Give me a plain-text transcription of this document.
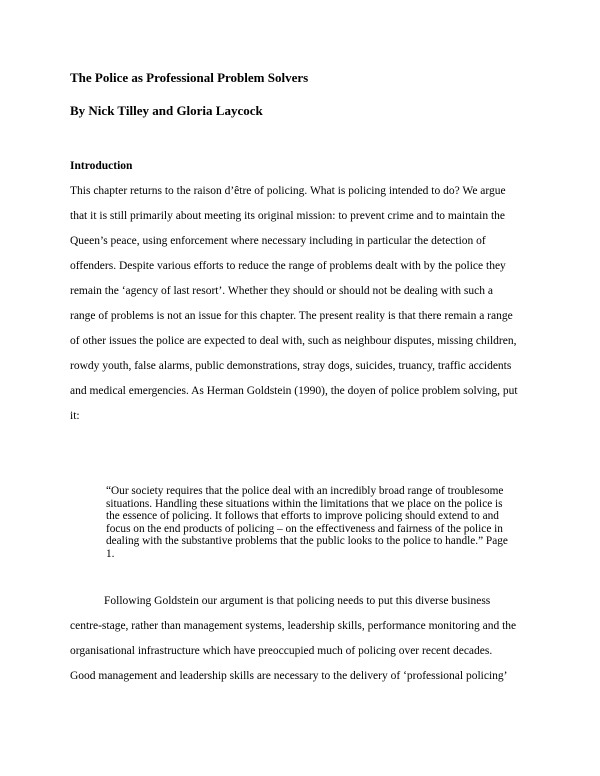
The Police as Professional Problem Solvers
By Nick Tilley and Gloria Laycock
Introduction

This chapter returns to the raison d’être of policing. What is policing intended to do? We argue
that it is still primarily about meeting its original mission: to prevent crime and to maintain the
Queen’s peace, using enforcement where necessary including in particular the detection of
offenders. Despite various efforts to reduce the range of problems dealt with by the police they
remain the ‘agency of last resort’. Whether they should or should not be dealing with such a
range of problems is not an issue for this chapter. The present reality is that there remain a range
of other issues the police are expected to deal with, such as neighbour disputes, missing children,
rowdy youth, false alarms, public demonstrations, stray dogs, suicides, truancy, traffic accidents
and medical emergencies. As Herman Goldstein (1990), the doyen of police problem solving, put
it:

“Our society requires that the police deal with an incredibly broad range of troublesome
situations. Handling these situations within the limitations that we place on the police is
the essence of policing. It follows that efforts to improve policing should extend to and
focus on the end products of policing – on the effectiveness and fairness of the police in
dealing with the substantive problems that the public looks to the police to handle.” Page
1.

Following Goldstein our argument is that policing needs to put this diverse business
centre-stage, rather than management systems, leadership skills, performance monitoring and the
organisational infrastructure which have preoccupied much of policing over recent decades.
Good management and leadership skills are necessary to the delivery of ‘professional policing’
